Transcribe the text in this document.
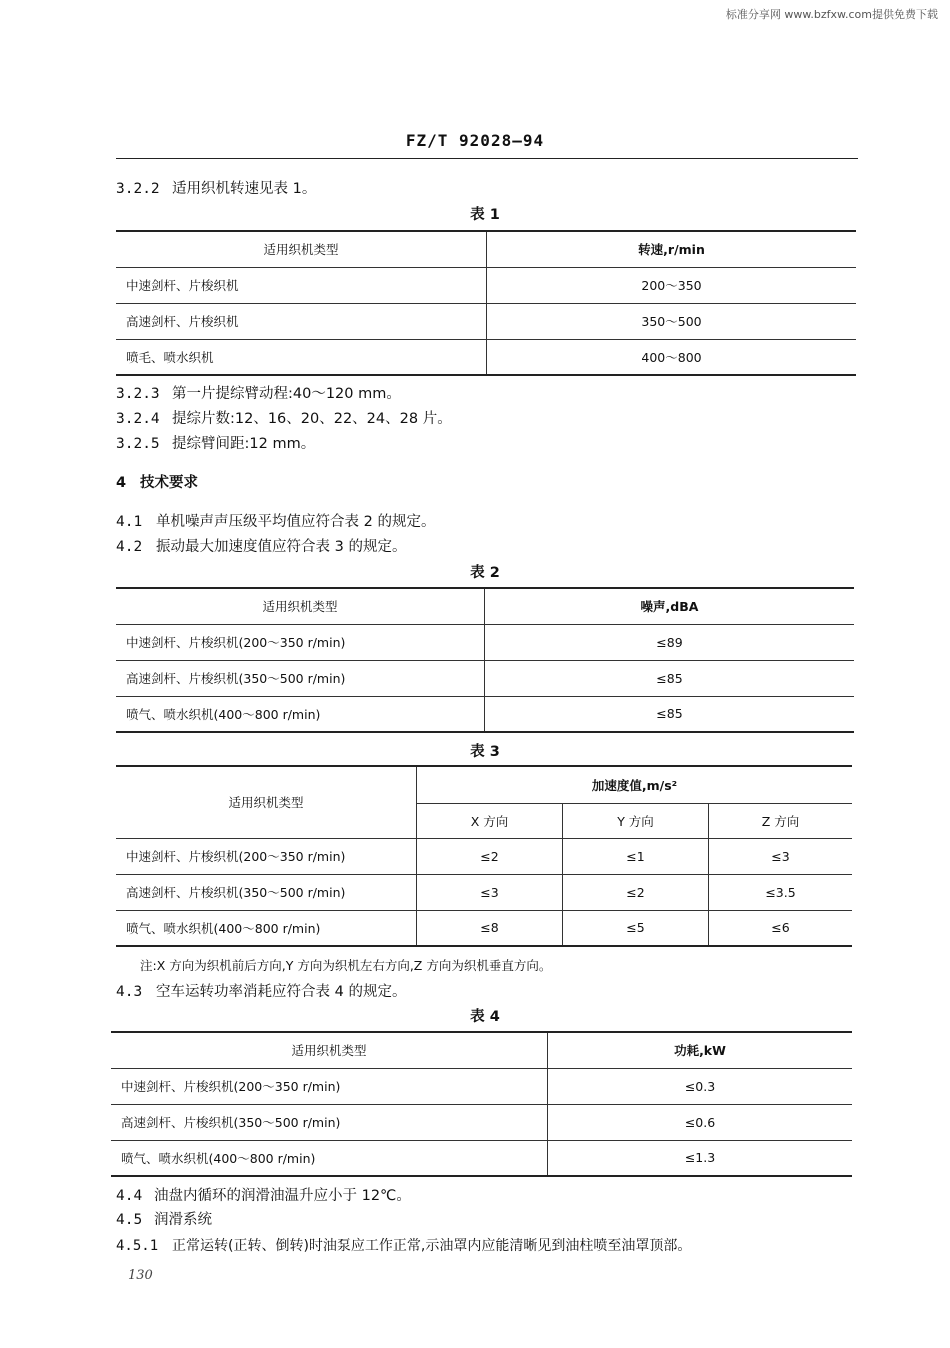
标准分享网 www.bzfxw.com提供免费下载
FZ/T 92028—94
3.2.2 适用织机转速见表 1。
表 1
适用织机类型	转速,r/min
中速剑杆、片梭织机	200～350
高速剑杆、片梭织机	350～500
喷毛、喷水织机	400～800
3.2.3 第一片提综臂动程:40～120 mm。
3.2.4 提综片数:12、16、20、22、24、28 片。
3.2.5 提综臂间距:12 mm。
4 技术要求
4.1 单机噪声声压级平均值应符合表 2 的规定。
4.2 振动最大加速度值应符合表 3 的规定。
表 2
适用织机类型	噪声,dBA
中速剑杆、片梭织机(200～350 r/min)	≤89
高速剑杆、片梭织机(350～500 r/min)	≤85
喷气、喷水织机(400～800 r/min)	≤85
表 3
适用织机类型	加速度值,m/s²		
	X 方向	Y 方向	Z 方向
中速剑杆、片梭织机(200～350 r/min)	≤2	≤1	≤3
高速剑杆、片梭织机(350～500 r/min)	≤3	≤2	≤3.5
喷气、喷水织机(400～800 r/min)	≤8	≤5	≤6
注:X 方向为织机前后方向,Y 方向为织机左右方向,Z 方向为织机垂直方向。
4.3 空车运转功率消耗应符合表 4 的规定。
表 4
适用织机类型	功耗,kW
中速剑杆、片梭织机(200～350 r/min)	≤0.3
高速剑杆、片梭织机(350～500 r/min)	≤0.6
喷气、喷水织机(400～800 r/min)	≤1.3
4.4 油盘内循环的润滑油温升应小于 12℃。
4.5 润滑系统
4.5.1 正常运转(正转、倒转)时油泵应工作正常,示油罩内应能清晰见到油柱喷至油罩顶部。
130
